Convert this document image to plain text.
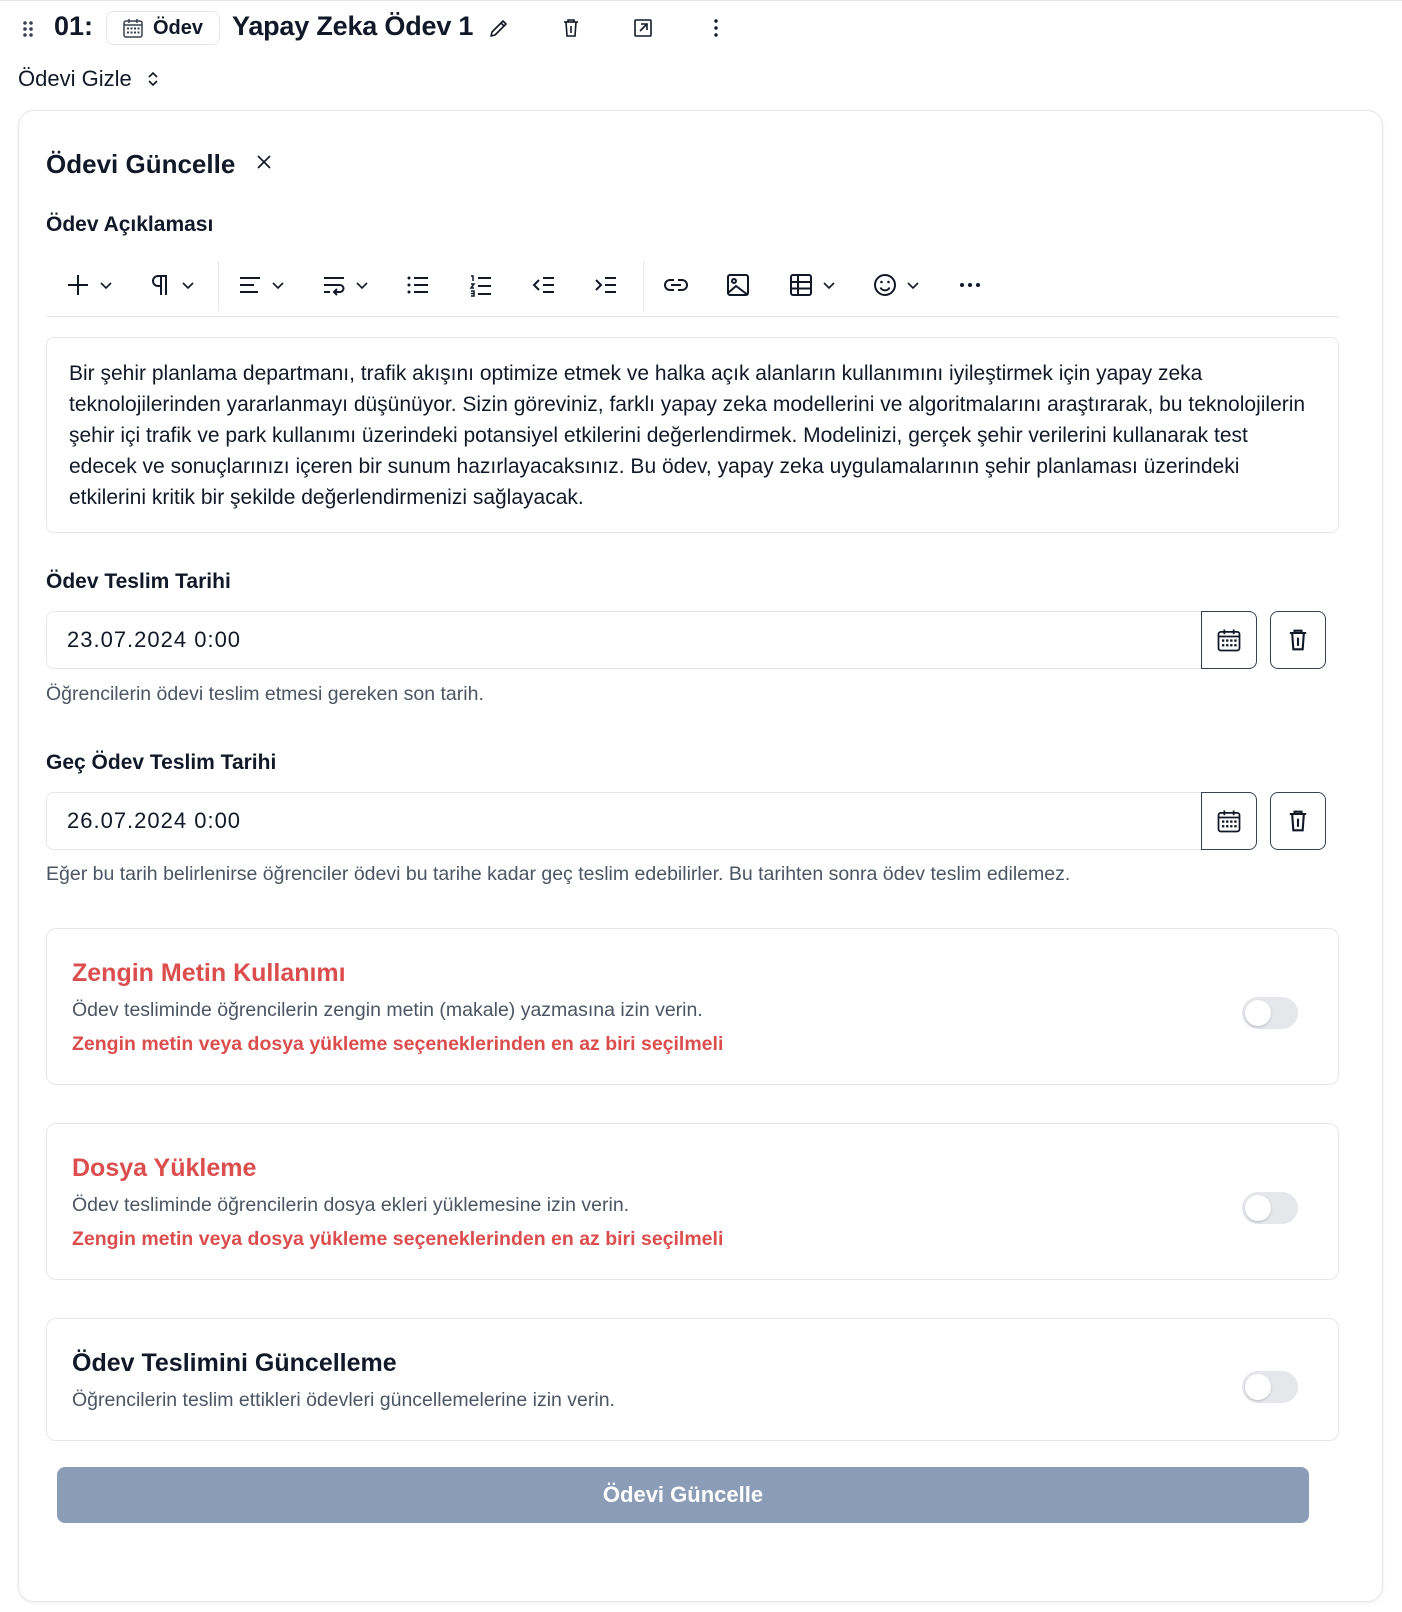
01:	Ödev Yapay Zeka Ödev 1
Ödevi Gizle
Ödevi Güncelle
Ödev Açıklaması
Bir şehir planlama departmanı, trafik akışını optimize etmek ve halka açık alanların kullanımını iyileştirmek için yapay zeka teknolojilerinden yararlanmayı düşünüyor. Sizin göreviniz, farklı yapay zeka modellerini ve algoritmalarını araştırarak, bu teknolojilerin şehir içi trafik ve park kullanımı üzerindeki potansiyel etkilerini değerlendirmek. Modelinizi, gerçek şehir verilerini kullanarak test edecek ve sonuçlarınızı içeren bir sunum hazırlayacaksınız. Bu ödev, yapay zeka uygulamalarının şehir planlaması üzerindeki etkilerini kritik bir şekilde değerlendirmenizi sağlayacak.
Ödev Teslim Tarihi
23.07.2024 0:00
Öğrencilerin ödevi teslim etmesi gereken son tarih.
Geç Ödev Teslim Tarihi
26.07.2024 0:00
Eğer bu tarih belirlenirse öğrenciler ödevi bu tarihe kadar geç teslim edebilirler. Bu tarihten sonra ödev teslim edilemez.
Zengin Metin Kullanımı
Ödev tesliminde öğrencilerin zengin metin (makale) yazmasına izin verin.
Zengin metin veya dosya yükleme seçeneklerinden en az biri seçilmeli
Dosya Yükleme
Ödev tesliminde öğrencilerin dosya ekleri yüklemesine izin verin.
Zengin metin veya dosya yükleme seçeneklerinden en az biri seçilmeli
Ödev Teslimini Güncelleme
Öğrencilerin teslim ettikleri ödevleri güncellemelerine izin verin.
Ödevi Güncelle
